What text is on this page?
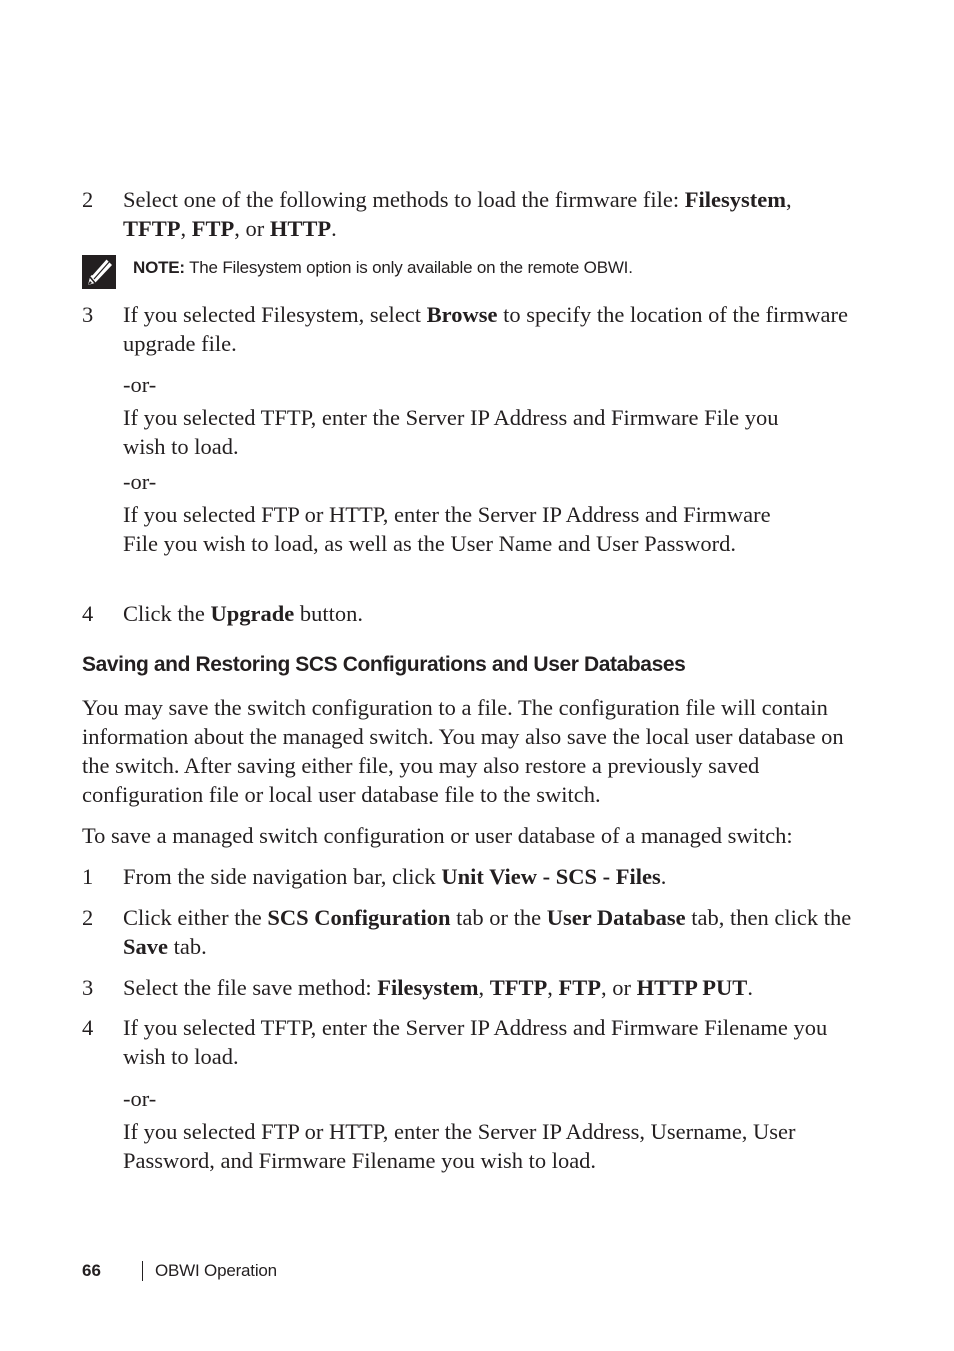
2	Select one of the following methods to load the firmware file: Filesystem, TFTP, FTP, or HTTP.
NOTE: The Filesystem option is only available on the remote OBWI.
3	If you selected Filesystem, select Browse to specify the location of the firmware upgrade file.
-or-
If you selected TFTP, enter the Server IP Address and Firmware File you wish to load.
-or-
If you selected FTP or HTTP, enter the Server IP Address and Firmware File you wish to load, as well as the User Name and User Password.
4	Click the Upgrade button.
Saving and Restoring SCS Configurations and User Databases
You may save the switch configuration to a file. The configuration file will contain information about the managed switch. You may also save the local user database on the switch. After saving either file, you may also restore a previously saved configuration file or local user database file to the switch.
To save a managed switch configuration or user database of a managed switch:
1	From the side navigation bar, click Unit View - SCS - Files.
2	Click either the SCS Configuration tab or the User Database tab, then click the Save tab.
3	Select the file save method: Filesystem, TFTP, FTP, or HTTP PUT.
4	If you selected TFTP, enter the Server IP Address and Firmware Filename you wish to load.
-or-
If you selected FTP or HTTP, enter the Server IP Address, Username, User Password, and Firmware Filename you wish to load.
66	OBWI Operation
